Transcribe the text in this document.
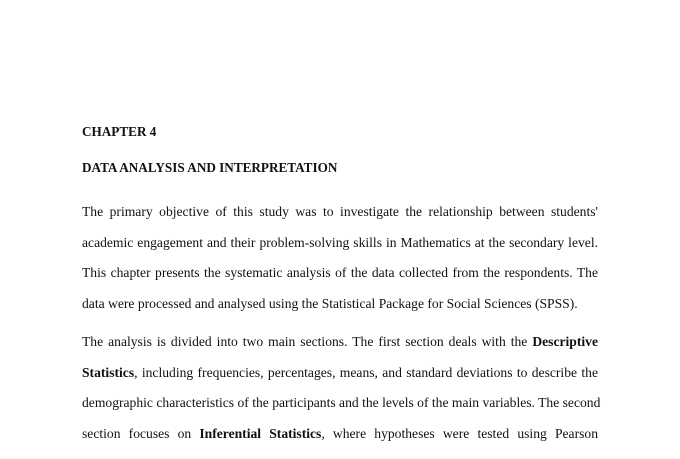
CHAPTER 4

DATA ANALYSIS AND INTERPRETATION

The primary objective of this study was to investigate the relationship between students'
academic engagement and their problem-solving skills in Mathematics at the secondary level.
This chapter presents the systematic analysis of the data collected from the respondents. The
data were processed and analysed using the Statistical Package for Social Sciences (SPSS).

The analysis is divided into two main sections. The first section deals with the Descriptive
Statistics, including frequencies, percentages, means, and standard deviations to describe the
demographic characteristics of the participants and the levels of the main variables. The second
section focuses on Inferential Statistics, where hypotheses were tested using Pearson
